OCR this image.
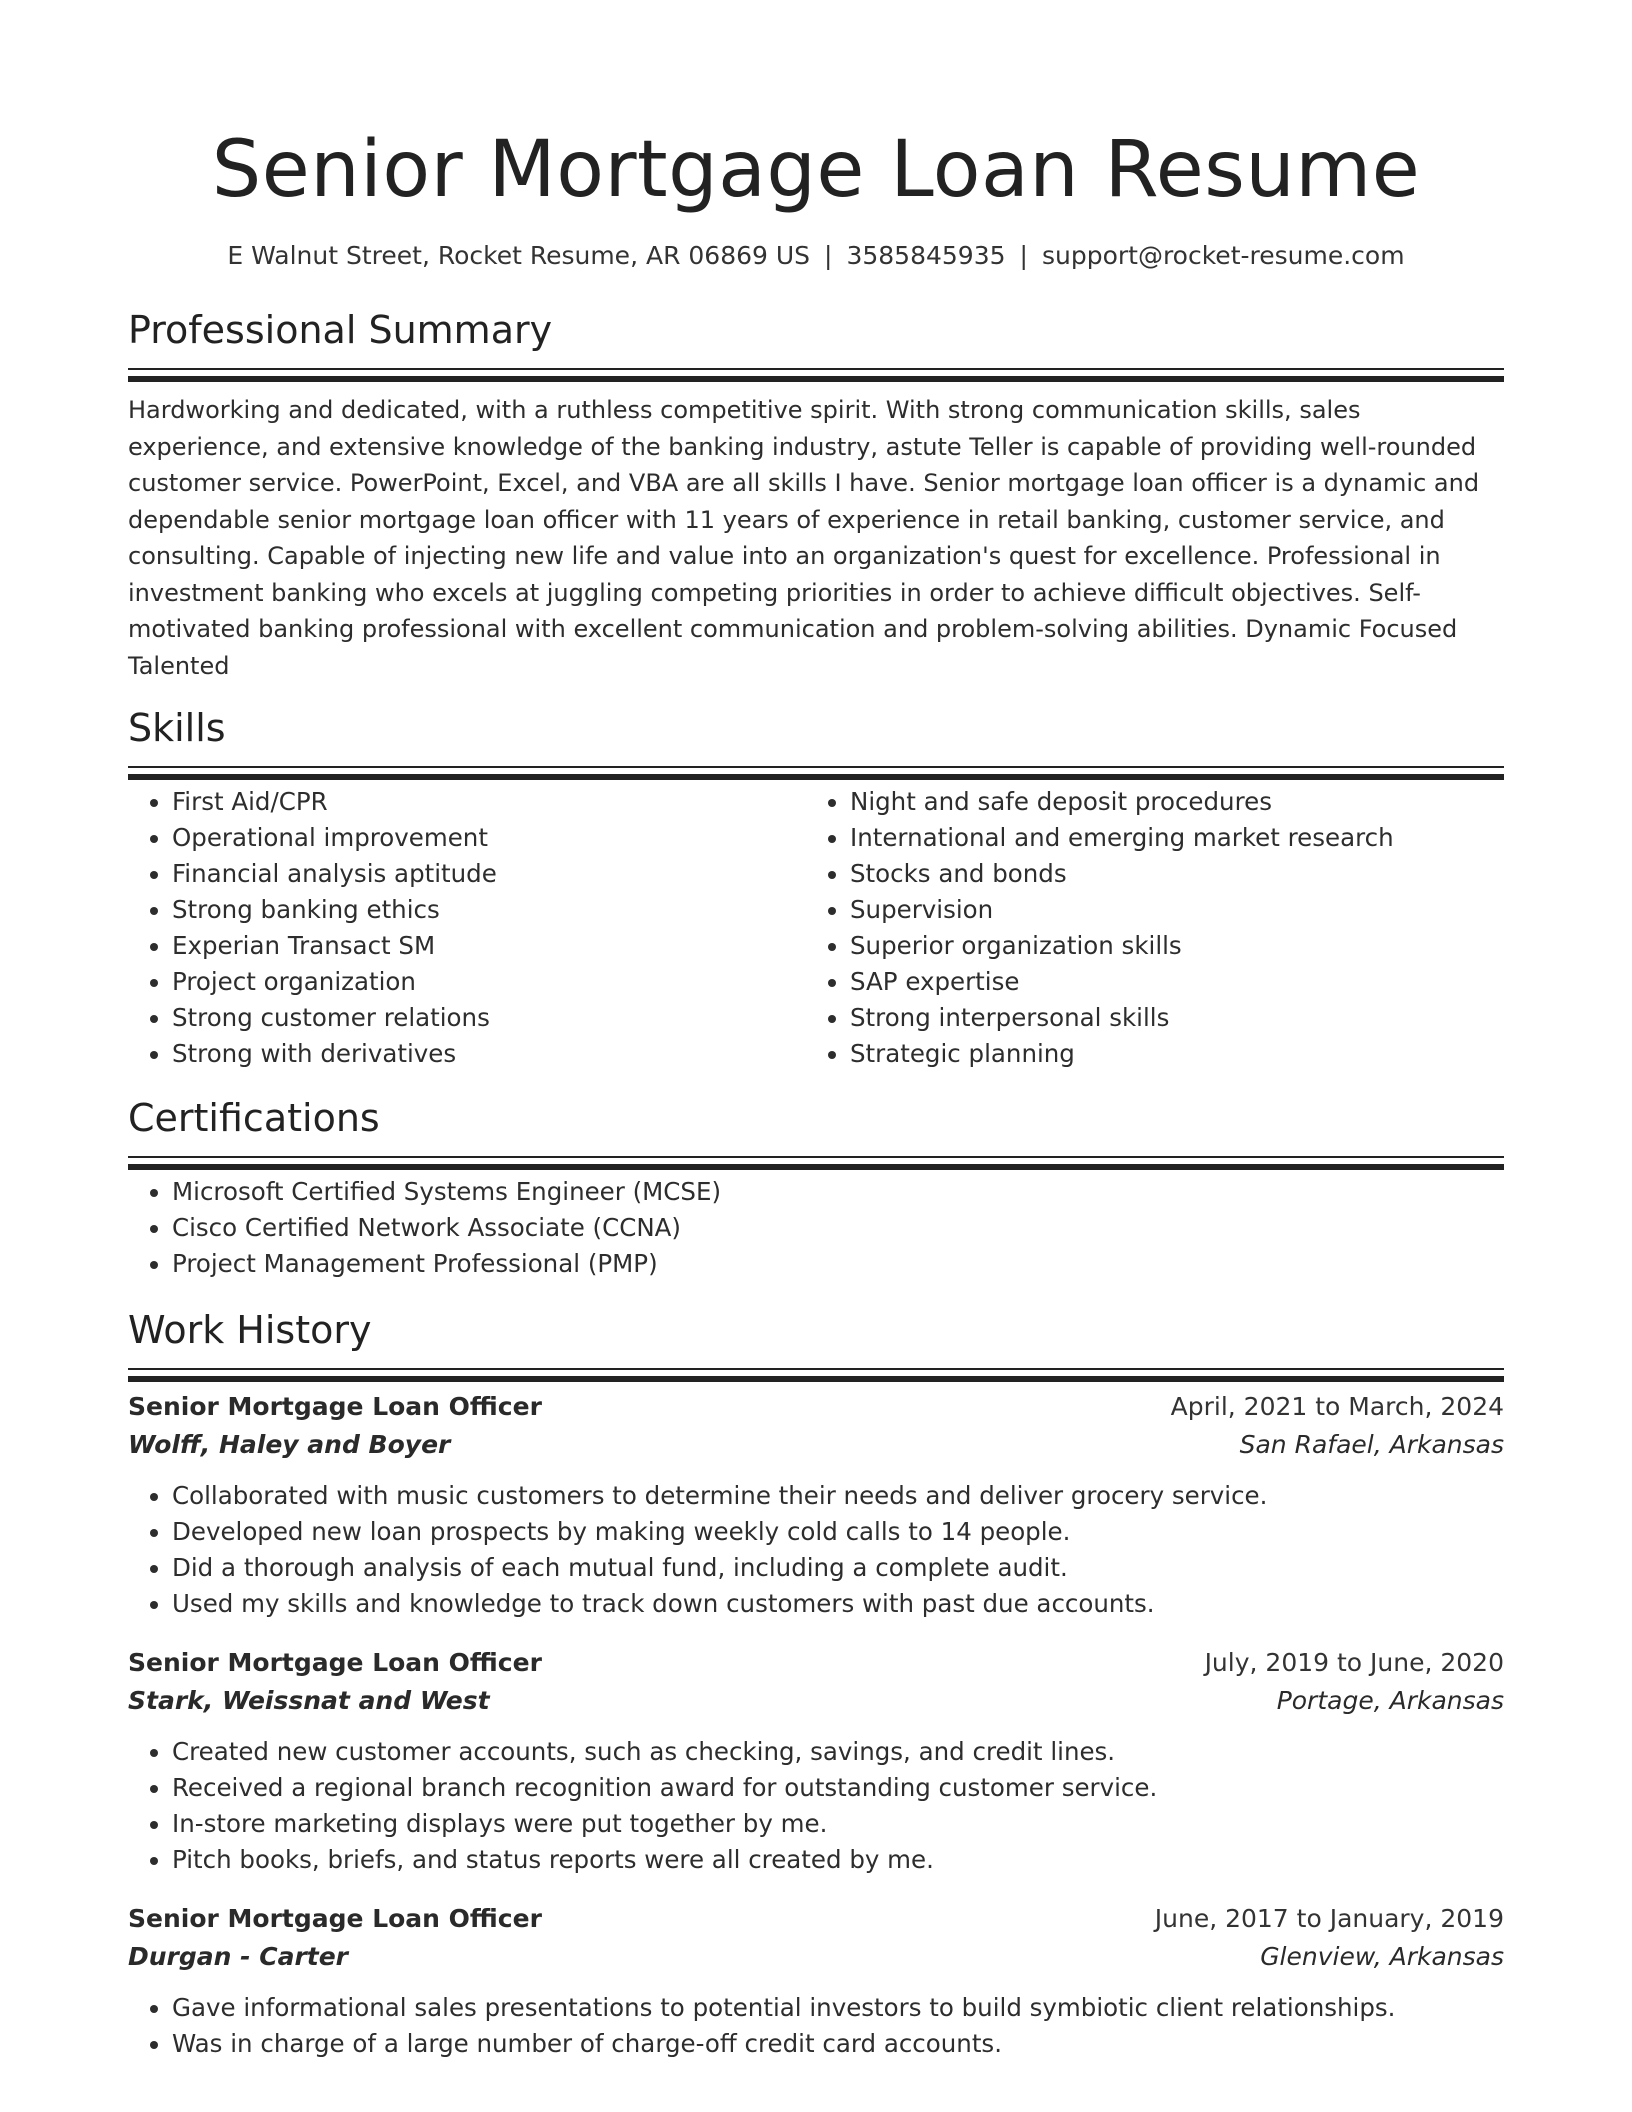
Senior Mortgage Loan Resume
E Walnut Street, Rocket Resume, AR 06869 US | 3585845935 | support@rocket-resume.com
Professional Summary
Hardworking and dedicated, with a ruthless competitive spirit. With strong communication skills, sales experience, and extensive knowledge of the banking industry, astute Teller is capable of providing well-rounded customer service. PowerPoint, Excel, and VBA are all skills I have. Senior mortgage loan officer is a dynamic and dependable senior mortgage loan officer with 11 years of experience in retail banking, customer service, and consulting. Capable of injecting new life and value into an organization's quest for excellence. Professional in investment banking who excels at juggling competing priorities in order to achieve difficult objectives. Self-motivated banking professional with excellent communication and problem-solving abilities. Dynamic Focused Talented
Skills
• First Aid/CPR
• Operational improvement
• Financial analysis aptitude
• Strong banking ethics
• Experian Transact SM
• Project organization
• Strong customer relations
• Strong with derivatives
• Night and safe deposit procedures
• International and emerging market research
• Stocks and bonds
• Supervision
• Superior organization skills
• SAP expertise
• Strong interpersonal skills
• Strategic planning
Certifications
• Microsoft Certified Systems Engineer (MCSE)
• Cisco Certified Network Associate (CCNA)
• Project Management Professional (PMP)
Work History
Senior Mortgage Loan Officer	April, 2021 to March, 2024
Wolff, Haley and Boyer	San Rafael, Arkansas
• Collaborated with music customers to determine their needs and deliver grocery service.
• Developed new loan prospects by making weekly cold calls to 14 people.
• Did a thorough analysis of each mutual fund, including a complete audit.
• Used my skills and knowledge to track down customers with past due accounts.
Senior Mortgage Loan Officer	July, 2019 to June, 2020
Stark, Weissnat and West	Portage, Arkansas
• Created new customer accounts, such as checking, savings, and credit lines.
• Received a regional branch recognition award for outstanding customer service.
• In-store marketing displays were put together by me.
• Pitch books, briefs, and status reports were all created by me.
Senior Mortgage Loan Officer	June, 2017 to January, 2019
Durgan - Carter	Glenview, Arkansas
• Gave informational sales presentations to potential investors to build symbiotic client relationships.
• Was in charge of a large number of charge-off credit card accounts.
